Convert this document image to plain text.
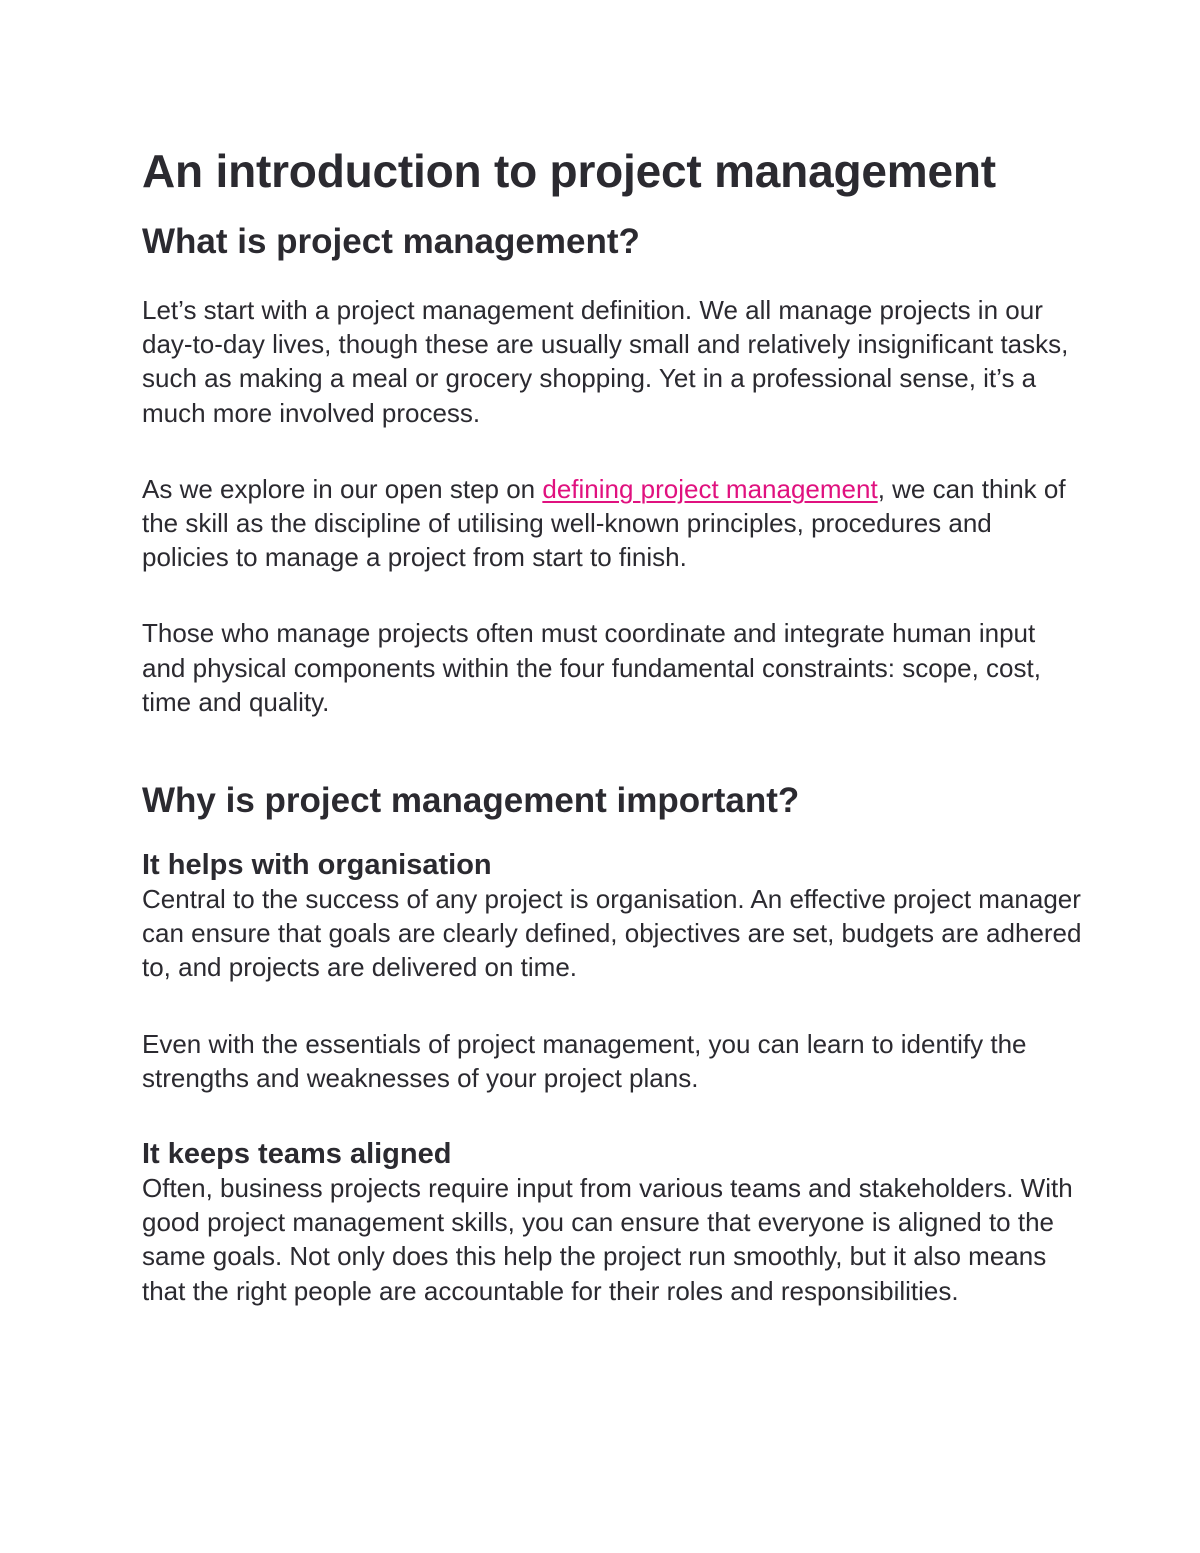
An introduction to project management
What is project management?

Let’s start with a project management definition. We all manage projects in our day-to-day lives, though these are usually small and relatively insignificant tasks, such as making a meal or grocery shopping. Yet in a professional sense, it’s a much more involved process.

As we explore in our open step on defining project management, we can think of the skill as the discipline of utilising well-known principles, procedures and policies to manage a project from start to finish.

Those who manage projects often must coordinate and integrate human input and physical components within the four fundamental constraints: scope, cost, time and quality.

Why is project management important?
It helps with organisation

Central to the success of any project is organisation. An effective project manager can ensure that goals are clearly defined, objectives are set, budgets are adhered to, and projects are delivered on time.

Even with the essentials of project management, you can learn to identify the strengths and weaknesses of your project plans.

It keeps teams aligned

Often, business projects require input from various teams and stakeholders. With good project management skills, you can ensure that everyone is aligned to the same goals. Not only does this help the project run smoothly, but it also means that the right people are accountable for their roles and responsibilities.
